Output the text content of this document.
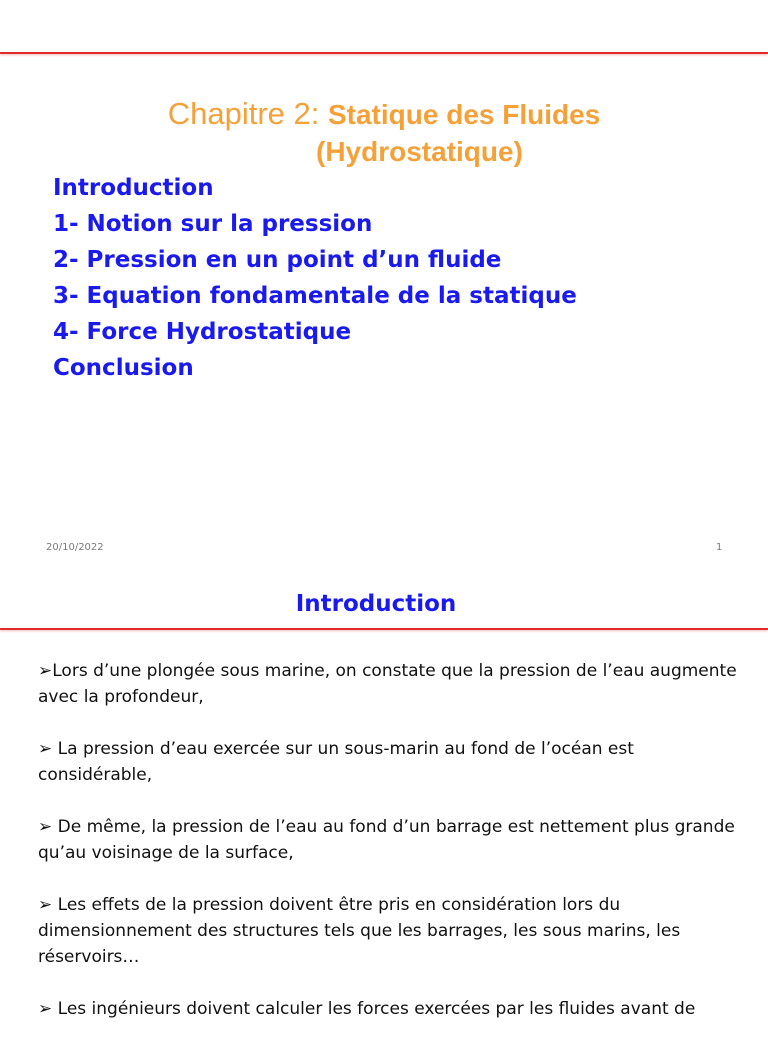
Chapitre 2: Statique des Fluides
(Hydrostatique)
Introduction
1- Notion sur la pression
2- Pression en un point d’un fluide
3- Equation fondamentale de la statique
4- Force Hydrostatique
Conclusion
20/10/2022	1
Introduction
➢Lors d’une plongée sous marine, on constate que la pression de l’eau augmente avec la profondeur,
➢ La pression d’eau exercée sur un sous-marin au fond de l’océan est considérable,
➢ De même, la pression de l’eau au fond d’un barrage est nettement plus grande qu’au voisinage de la surface,
➢ Les effets de la pression doivent être pris en considération lors du dimensionnement des structures tels que les barrages, les sous marins, les réservoirs…
➢ Les ingénieurs doivent calculer les forces exercées par les fluides avant de
